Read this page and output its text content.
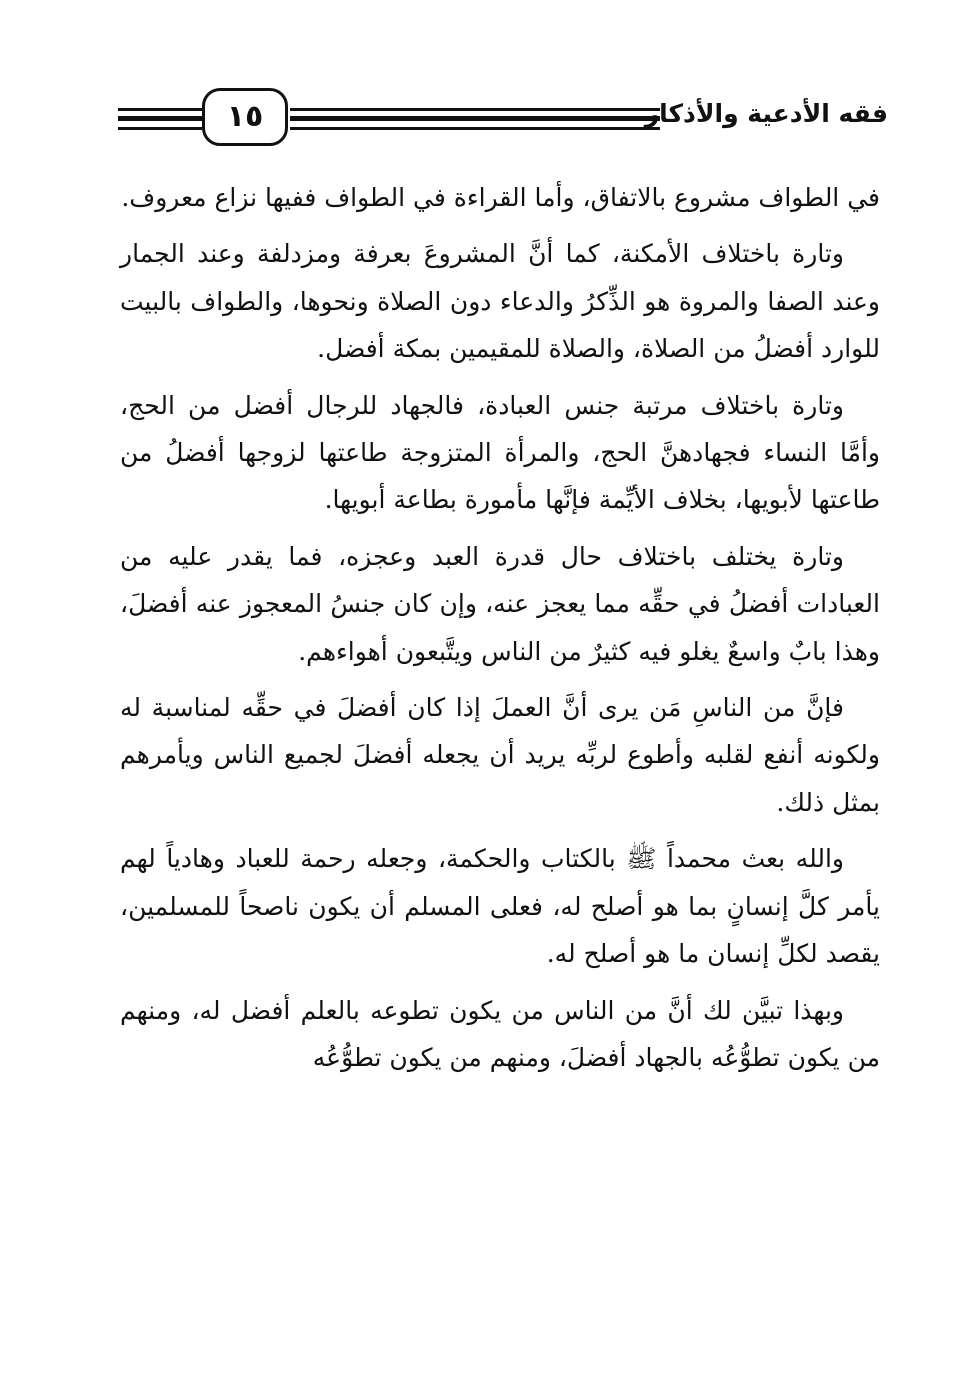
١٥	فقه الأدعية والأذكار

في الطواف مشروع بالاتفاق، وأما القراءة في الطواف ففيها نزاع معروف.

وتارة باختلاف الأمكنة، كما أنَّ المشروعَ بعرفة ومزدلفة وعند الجمار وعند الصفا والمروة هو الذِّكرُ والدعاء دون الصلاة ونحوها، والطواف بالبيت للوارد أفضلُ من الصلاة، والصلاة للمقيمين بمكة أفضل.

وتارة باختلاف مرتبة جنس العبادة، فالجهاد للرجال أفضل من الحج، وأمَّا النساء فجهادهنَّ الحج، والمرأة المتزوجة طاعتها لزوجها أفضلُ من طاعتها لأبويها، بخلاف الأيِّمة فإنَّها مأمورة بطاعة أبويها.

وتارة يختلف باختلاف حال قدرة العبد وعجزه، فما يقدر عليه من العبادات أفضلُ في حقِّه مما يعجز عنه، وإن كان جنسُ المعجوز عنه أفضلَ، وهذا بابٌ واسعٌ يغلو فيه كثيرٌ من الناس ويتَّبعون أهواءهم.

فإنَّ من الناسِ مَن يرى أنَّ العملَ إذا كان أفضلَ في حقِّه لمناسبة له ولكونه أنفع لقلبه وأطوع لربِّه يريد أن يجعله أفضلَ لجميع الناس ويأمرهم بمثل ذلك.

والله بعث محمداً ﷺ بالكتاب والحكمة، وجعله رحمة للعباد وهادياً لهم يأمر كلَّ إنسانٍ بما هو أصلح له، فعلى المسلم أن يكون ناصحاً للمسلمين، يقصد لكلِّ إنسان ما هو أصلح له.

وبهذا تبيَّن لك أنَّ من الناس من يكون تطوعه بالعلم أفضل له، ومنهم من يكون تطوُّعُه بالجهاد أفضلَ، ومنهم من يكون تطوُّعُه
